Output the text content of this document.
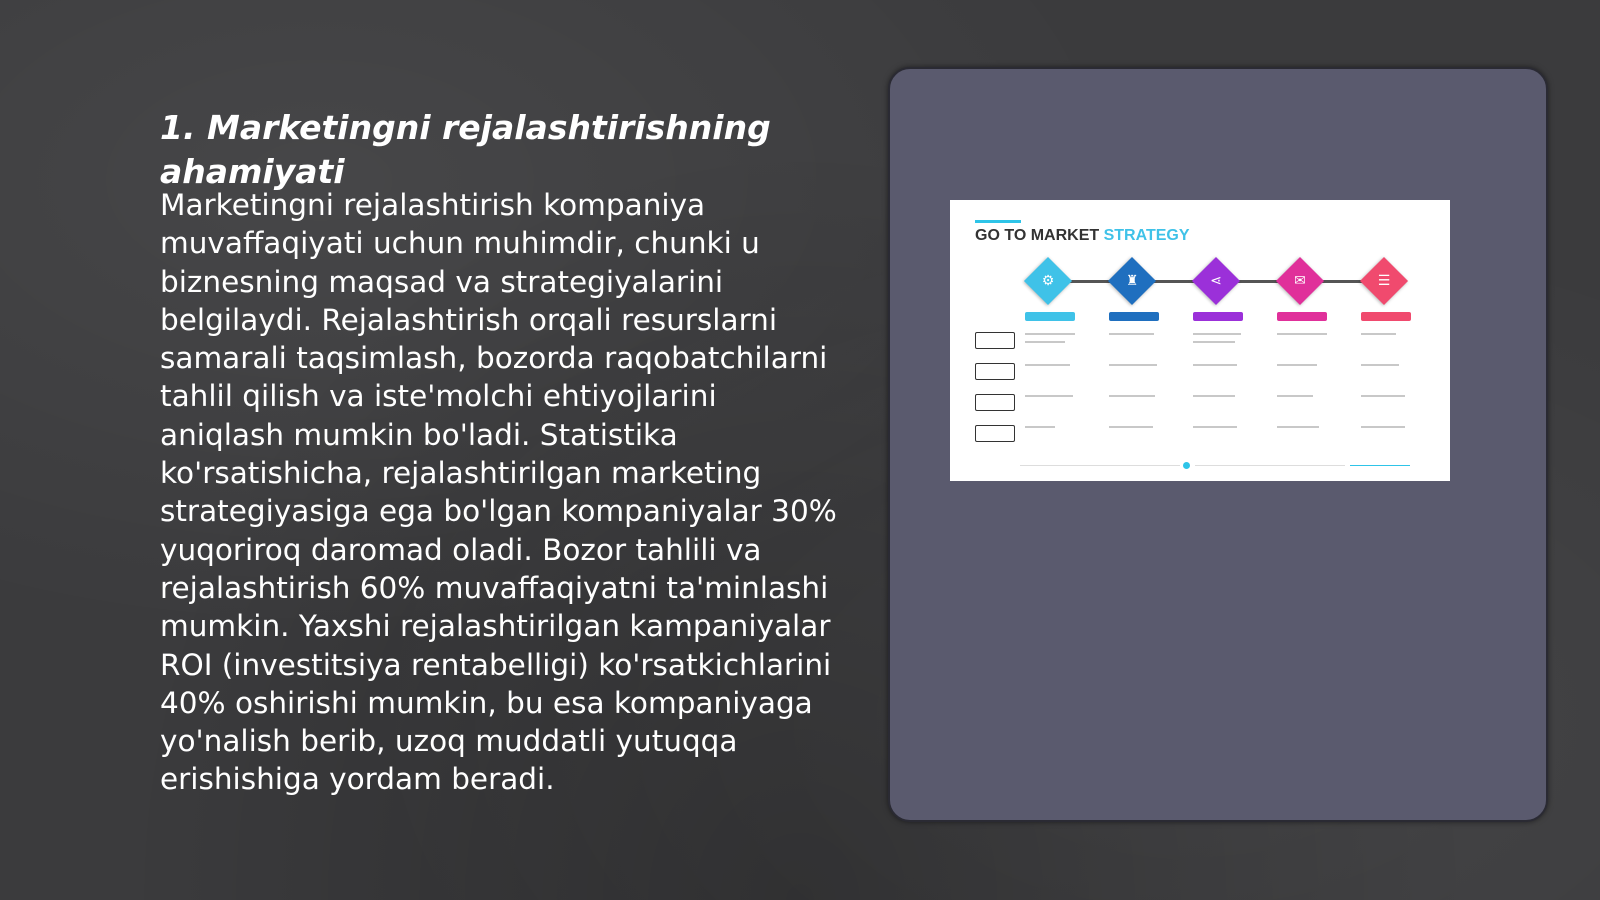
1. Marketingni rejalashtirishning ahamiyati

Marketingni rejalashtirish kompaniya muvaffaqiyati uchun muhimdir, chunki u biznesning maqsad va strategiyalarini belgilaydi. Rejalashtirish orqali resurslarni samarali taqsimlash, bozorda raqobatchilarni tahlil qilish va iste'molchi ehtiyojlarini aniqlash mumkin bo'ladi. Statistika ko'rsatishicha, rejalashtirilgan marketing strategiyasiga ega bo'lgan kompaniyalar 30% yuqoriroq daromad oladi. Bozor tahlili va rejalashtirish 60% muvaffaqiyatni ta'minlashi mumkin. Yaxshi rejalashtirilgan kampaniyalar ROI (investitsiya rentabelligi) ko'rsatkichlarini 40% oshirishi mumkin, bu esa kompaniyaga yo'nalish berib, uzoq muddatli yutuqqa erishishiga yordam beradi.

GO TO MARKET STRATEGY
⚙	♜	⋖	✉	☰
